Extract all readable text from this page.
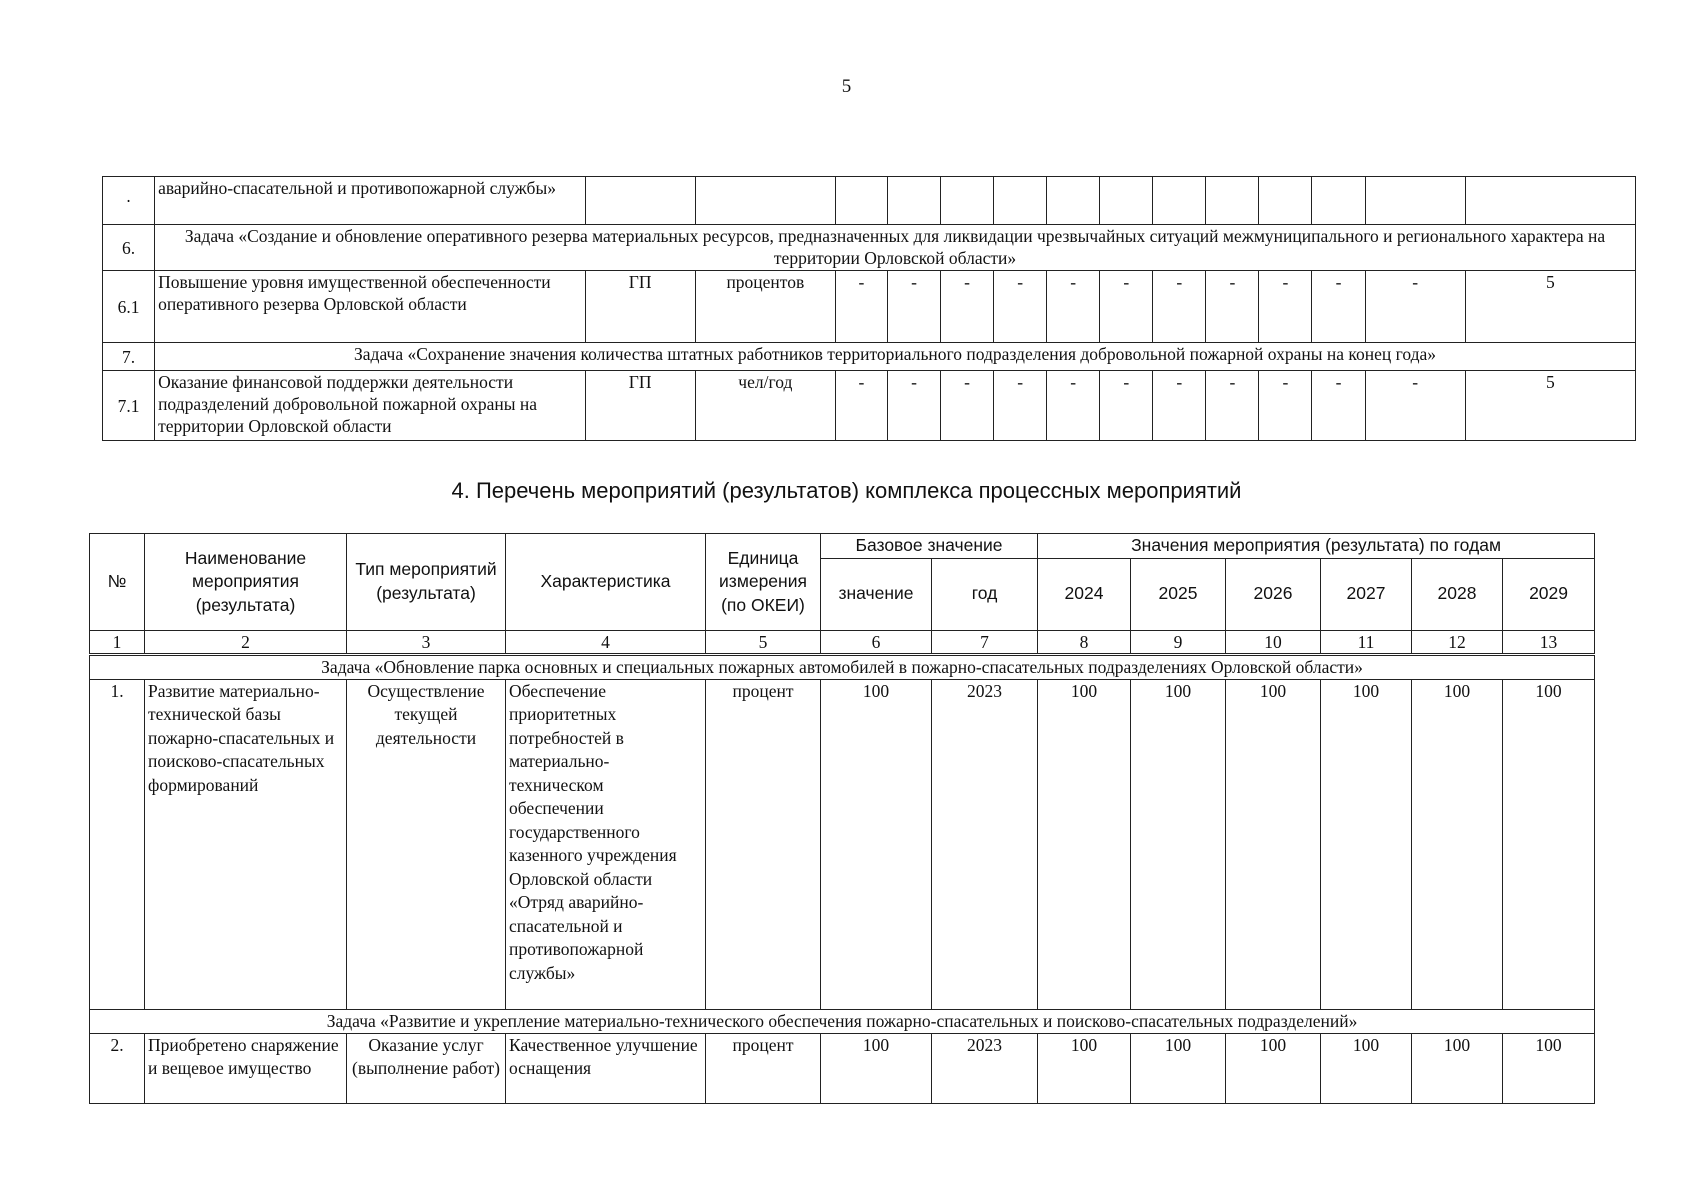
5
·	аварийно-спасательной и противопожарной службы»														
6.	Задача «Создание и обновление оперативного резерва материальных ресурсов, предназначенных для ликвидации чрезвычайных ситуаций межмуниципального и регионального характера на территории Орловской области»														
6.1	Повышение уровня имущественной обеспеченности оперативного резерва Орловской области	ГП	процентов	-	-	-	-	-	-	-	-	-	-	-	5
7.	Задача «Сохранение значения количества штатных работников территориального подразделения добровольной пожарной охраны на конец года»														
7.1	Оказание финансовой поддержки деятельности подразделений добровольной пожарной охраны на территории Орловской области	ГП	чел/год	-	-	-	-	-	-	-	-	-	-	-	5
4. Перечень мероприятий (результатов) комплекса процессных мероприятий
№	Наименование мероприятия (результата)	Тип мероприятий (результата)	Характеристика	Единица измерения (по ОКЕИ)	Базовое значение		Значения мероприятия (результата) по годам					
					значение	год	2024	2025	2026	2027	2028	2029
1	2	3	4	5	6	7	8	9	10	11	12	13
Задача «Обновление парка основных и специальных пожарных автомобилей в пожарно-спасательных подразделениях Орловской области»												
1.	Развитие материально-технической базы пожарно-спасательных и поисково-спасательных формирований	Осуществление текущей деятельности	Обеспечение приоритетных потребностей в материально-техническом обеспечении государственного казенного учреждения Орловской области «Отряд аварийно-спасательной и противопожарной службы»	процент	100	2023	100	100	100	100	100	100
Задача «Развитие и укрепление материально-технического обеспечения пожарно-спасательных и поисково-спасательных подразделений»												
2.	Приобретено снаряжение и вещевое имущество	Оказание услуг (выполнение работ)	Качественное улучшение оснащения	процент	100	2023	100	100	100	100	100	100
